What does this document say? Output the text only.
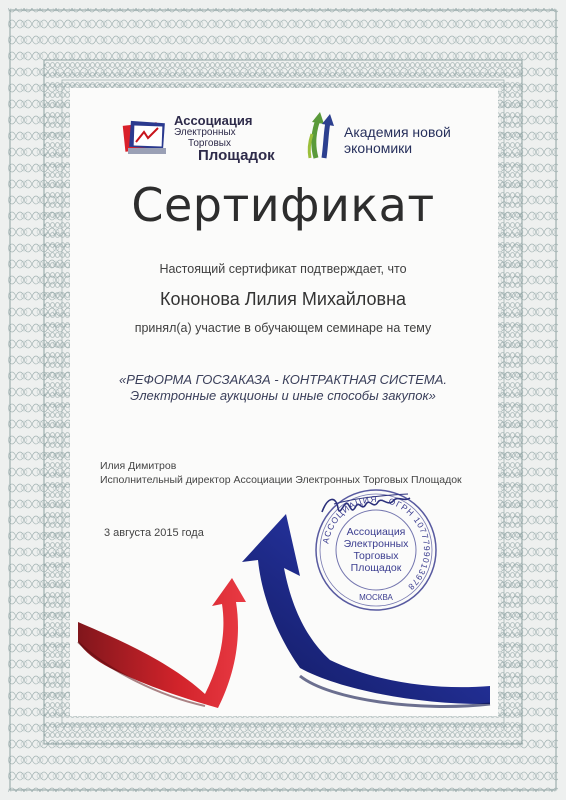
Ассоциация
Электронных
Торговых
Площадок
Академия новой
экономики
Сертификат
Настоящий сертификат подтверждает, что
Кононова Лилия Михайловна
принял(а) участие в обучающем семинаре на тему
«РЕФОРМА ГОСЗАКАЗА - КОНТРАКТНАЯ СИСТЕМА.
Электронные аукционы и иные способы закупок»
Илия Димитров
Исполнительный директор Ассоциации Электронных Торговых Площадок
3 августа 2015 года
АССОЦИАЦИЯ · ОГРН 1077799013978
Ассоциация
Электронных
Торговых
Площадок
МОСКВА
